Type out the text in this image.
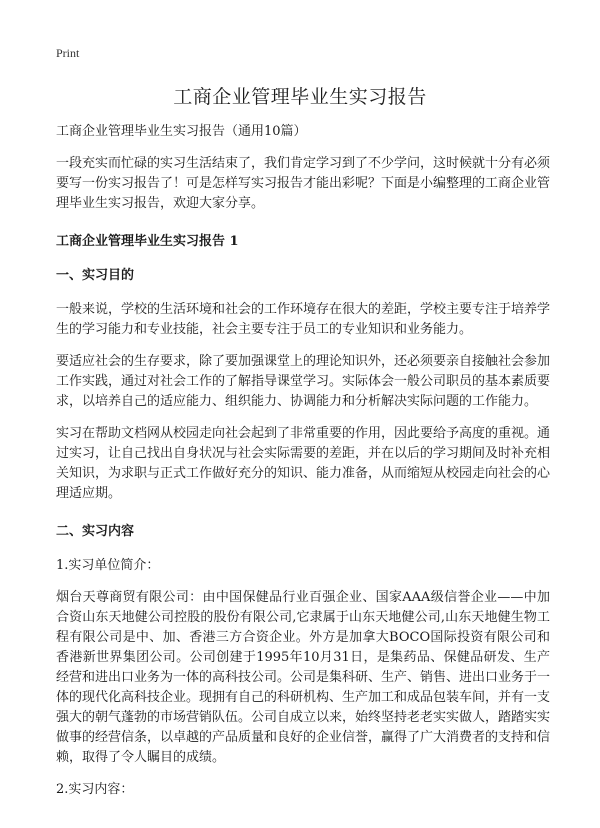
Print
工商企业管理毕业生实习报告

工商企业管理毕业生实习报告（通用10篇）

一段充实而忙碌的实习生活结束了，我们肯定学习到了不少学问，这时候就十分有必须要写一份实习报告了！可是怎样写实习报告才能出彩呢？下面是小编整理的工商企业管理毕业生实习报告，欢迎大家分享。

工商企业管理毕业生实习报告 1

一、实习目的

一般来说，学校的生活环境和社会的工作环境存在很大的差距，学校主要专注于培养学生的学习能力和专业技能，社会主要专注于员工的专业知识和业务能力。

要适应社会的生存要求，除了要加强课堂上的理论知识外，还必须要亲自接触社会参加工作实践，通过对社会工作的了解指导课堂学习。实际体会一般公司职员的基本素质要求，以培养自己的适应能力、组织能力、协调能力和分析解决实际问题的工作能力。

实习在帮助文档网从校园走向社会起到了非常重要的作用，因此要给予高度的重视。通过实习，让自己找出自身状况与社会实际需要的差距，并在以后的学习期间及时补充相关知识，为求职与正式工作做好充分的知识、能力准备，从而缩短从校园走向社会的心理适应期。

二、实习内容

1.实习单位简介：

烟台天尊商贸有限公司：由中国保健品行业百强企业、国家AAA级信誉企业——中加合资山东天地健公司控股的股份有限公司,它隶属于山东天地健公司,山东天地健生物工程有限公司是中、加、香港三方合资企业。外方是加拿大BOCO国际投资有限公司和香港新世界集团公司。公司创建于1995年10月31日，是集药品、保健品研发、生产经营和进出口业务为一体的高科技公司。公司是集科研、生产、销售、进出口业务于一体的现代化高科技企业。现拥有自己的科研机构、生产加工和成品包装车间，并有一支强大的朝气蓬勃的市场营销队伍。公司自成立以来，始终坚持老老实实做人，踏踏实实做事的经营信条，以卓越的产品质量和良好的企业信誉，赢得了广大消费者的支持和信赖，取得了令人瞩目的成绩。

2.实习内容：
